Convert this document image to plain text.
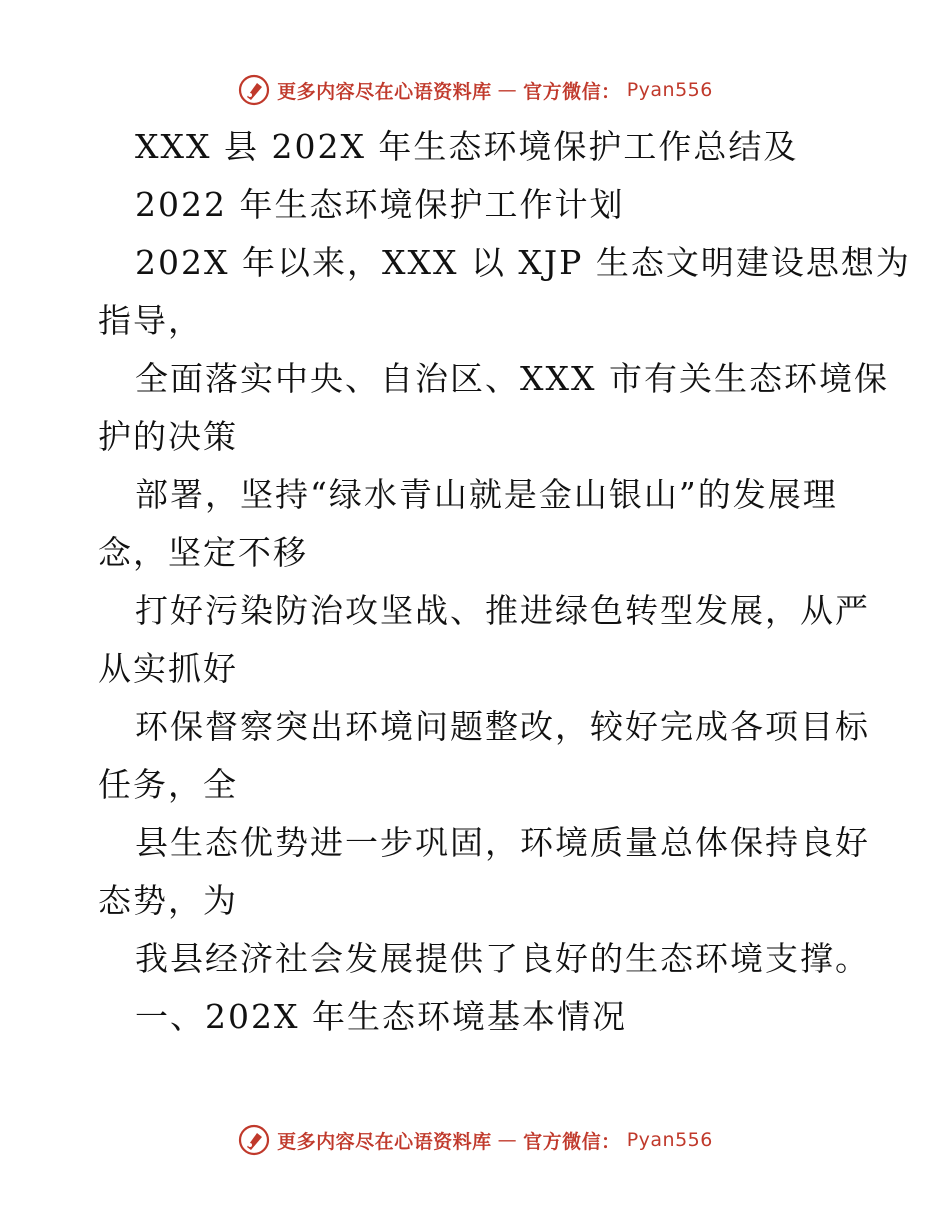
更多内容尽在心语资料库 — 官方微信： Pyan556
XXX 县 202X 年生态环境保护工作总结及
2022 年生态环境保护工作计划
202X 年以来，XXX 以 XJP 生态文明建设思想为
指导，
全面落实中央、自治区、XXX 市有关生态环境保
护的决策
部署，坚持“绿水青山就是金山银山”的发展理
念，坚定不移
打好污染防治攻坚战、推进绿色转型发展，从严
从实抓好
环保督察突出环境问题整改，较好完成各项目标
任务，全
县生态优势进一步巩固，环境质量总体保持良好
态势，为
我县经济社会发展提供了良好的生态环境支撑。
一、202X 年生态环境基本情况
更多内容尽在心语资料库 — 官方微信： Pyan556
